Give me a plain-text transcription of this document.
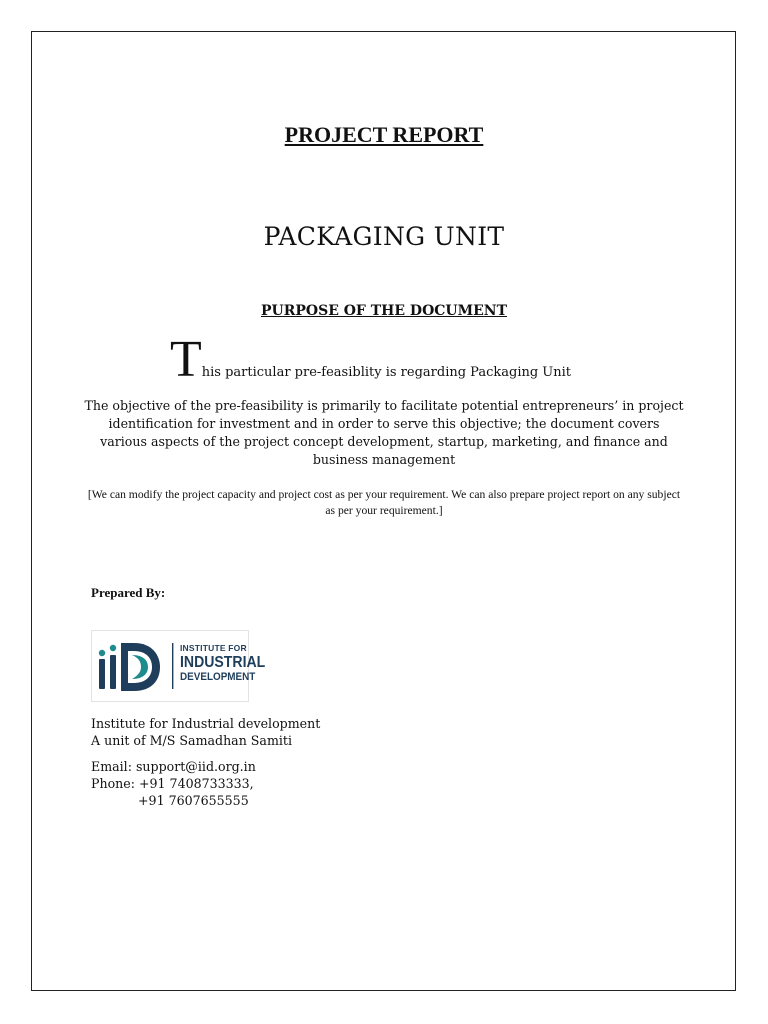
PROJECT REPORT
PACKAGING UNIT
PURPOSE OF THE DOCUMENT
This particular pre-feasiblity is regarding Packaging Unit
The objective of the pre-feasibility is primarily to facilitate potential entrepreneurs’ in project identification for investment and in order to serve this objective; the document covers various aspects of the project concept development, startup, marketing, and finance and business management
[We can modify the project capacity and project cost as per your requirement. We can also prepare project report on any subject as per your requirement.]
Prepared By:
INSTITUTE FOR
INDUSTRIAL
DEVELOPMENT
Institute for Industrial development
A unit of M/S Samadhan Samiti
Email: support@iid.org.in
Phone: +91 7408733333,
+91 7607655555
